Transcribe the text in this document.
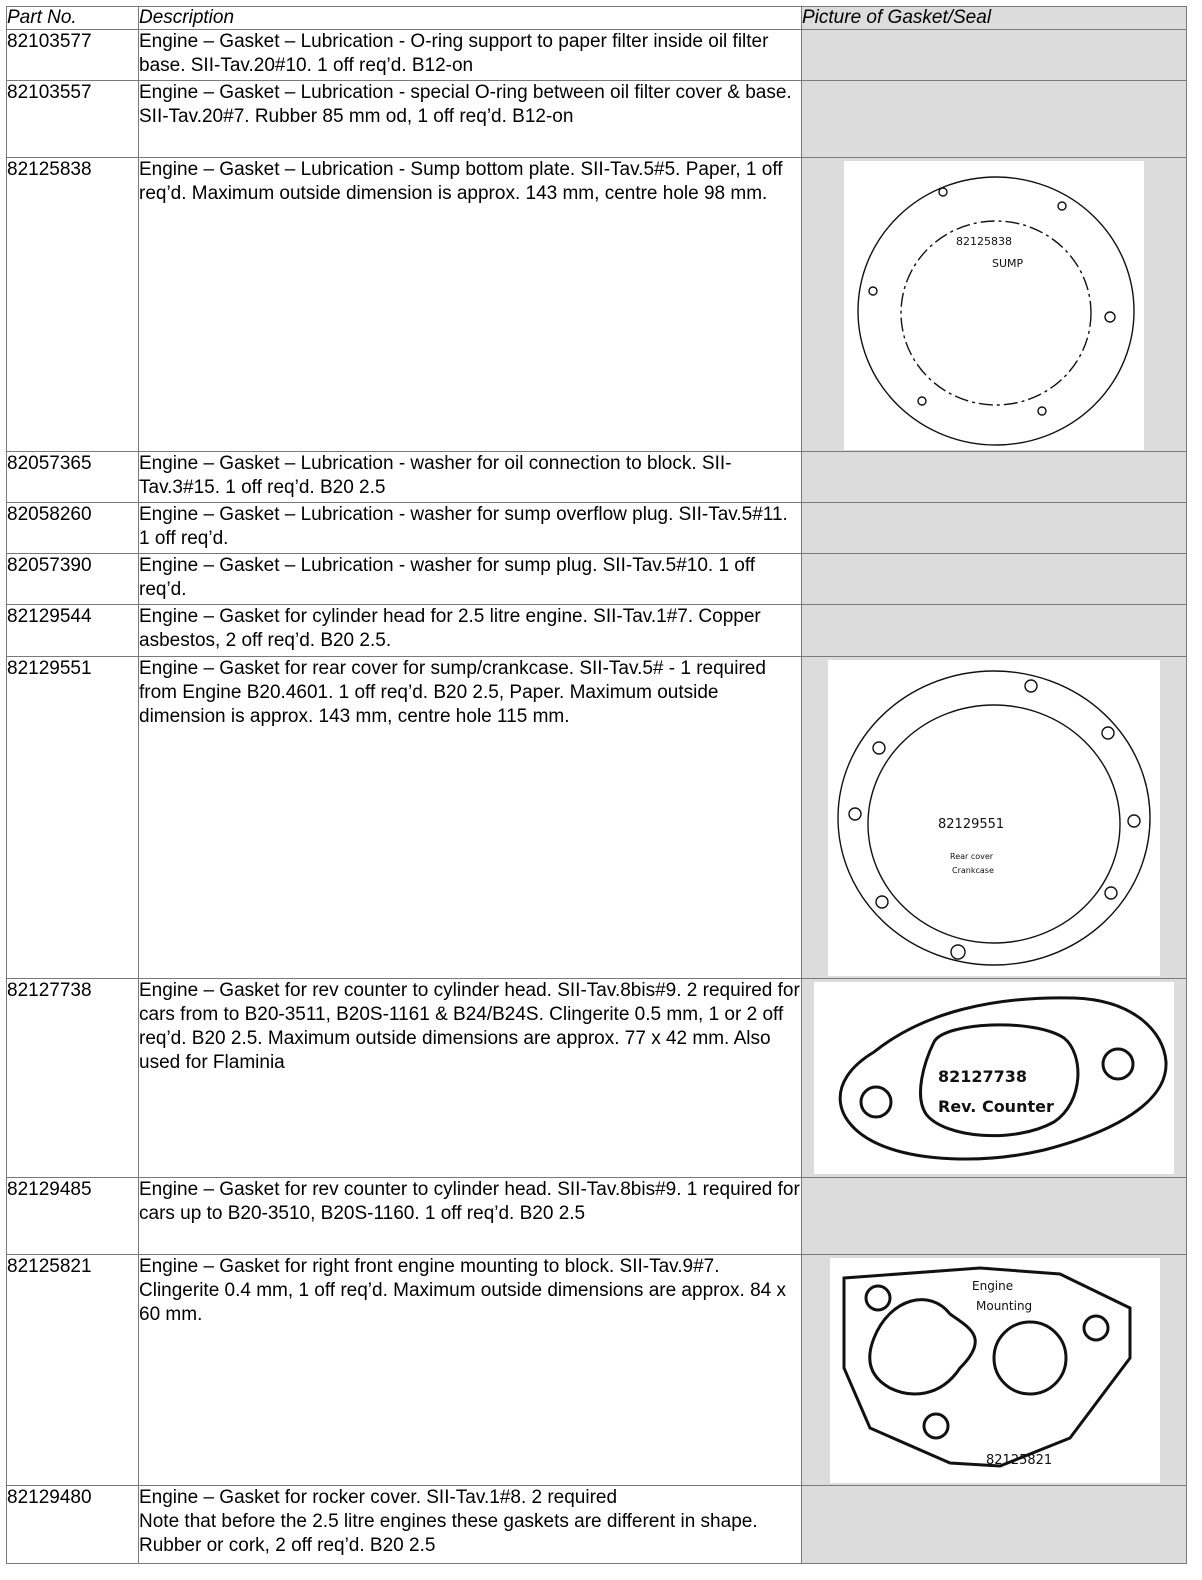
Part No.	Description	Picture of Gasket/Seal
82103577	Engine – Gasket – Lubrication - O-ring support to paper filter inside oil filter base. SII-Tav.20#10. 1 off req’d. B12-on	
82103557	Engine – Gasket – Lubrication - special O-ring between oil filter cover & base. SII-Tav.20#7. Rubber 85 mm od, 1 off req’d. B12-on	
82125838	Engine – Gasket – Lubrication - Sump bottom plate. SII-Tav.5#5. Paper, 1 off req’d. Maximum outside dimension is approx. 143 mm, centre hole 98 mm.	82125838
SUMP

82057365	Engine – Gasket – Lubrication - washer for oil connection to block. SII-Tav.3#15. 1 off req’d. B20 2.5	
82058260	Engine – Gasket – Lubrication - washer for sump overflow plug. SII-Tav.5#11. 1 off req’d.	
82057390	Engine – Gasket – Lubrication - washer for sump plug. SII-Tav.5#10. 1 off req’d.	
82129544	Engine – Gasket for cylinder head for 2.5 litre engine. SII-Tav.1#7. Copper asbestos, 2 off req’d. B20 2.5.	
82129551	Engine – Gasket for rear cover for sump/crankcase. SII-Tav.5# - 1 required from Engine B20.4601. 1 off req’d. B20 2.5, Paper. Maximum outside dimension is approx. 143 mm, centre hole 115 mm.	82129551
Rear cover
Crankcase

82127738	Engine – Gasket for rev counter to cylinder head. SII-Tav.8bis#9. 2 required for cars from to B20-3511, B20S-1161 & B24/B24S. Clingerite 0.5 mm, 1 or 2 off req’d. B20 2.5. Maximum outside dimensions are approx. 77 x 42 mm. Also used for Flaminia	82127738
Rev. Counter

82129485	Engine – Gasket for rev counter to cylinder head. SII-Tav.8bis#9. 1 required for cars up to B20-3510, B20S-1160. 1 off req’d. B20 2.5	
82125821	Engine – Gasket for right front engine mounting to block. SII-Tav.9#7. Clingerite 0.4 mm, 1 off req’d. Maximum outside dimensions are approx. 84 x 60 mm.	Engine
Mounting
82125821

82129480	Engine – Gasket for rocker cover. SII-Tav.1#8. 2 required
Note that before the 2.5 litre engines these gaskets are different in shape. Rubber or cork, 2 off req’d. B20 2.5	
